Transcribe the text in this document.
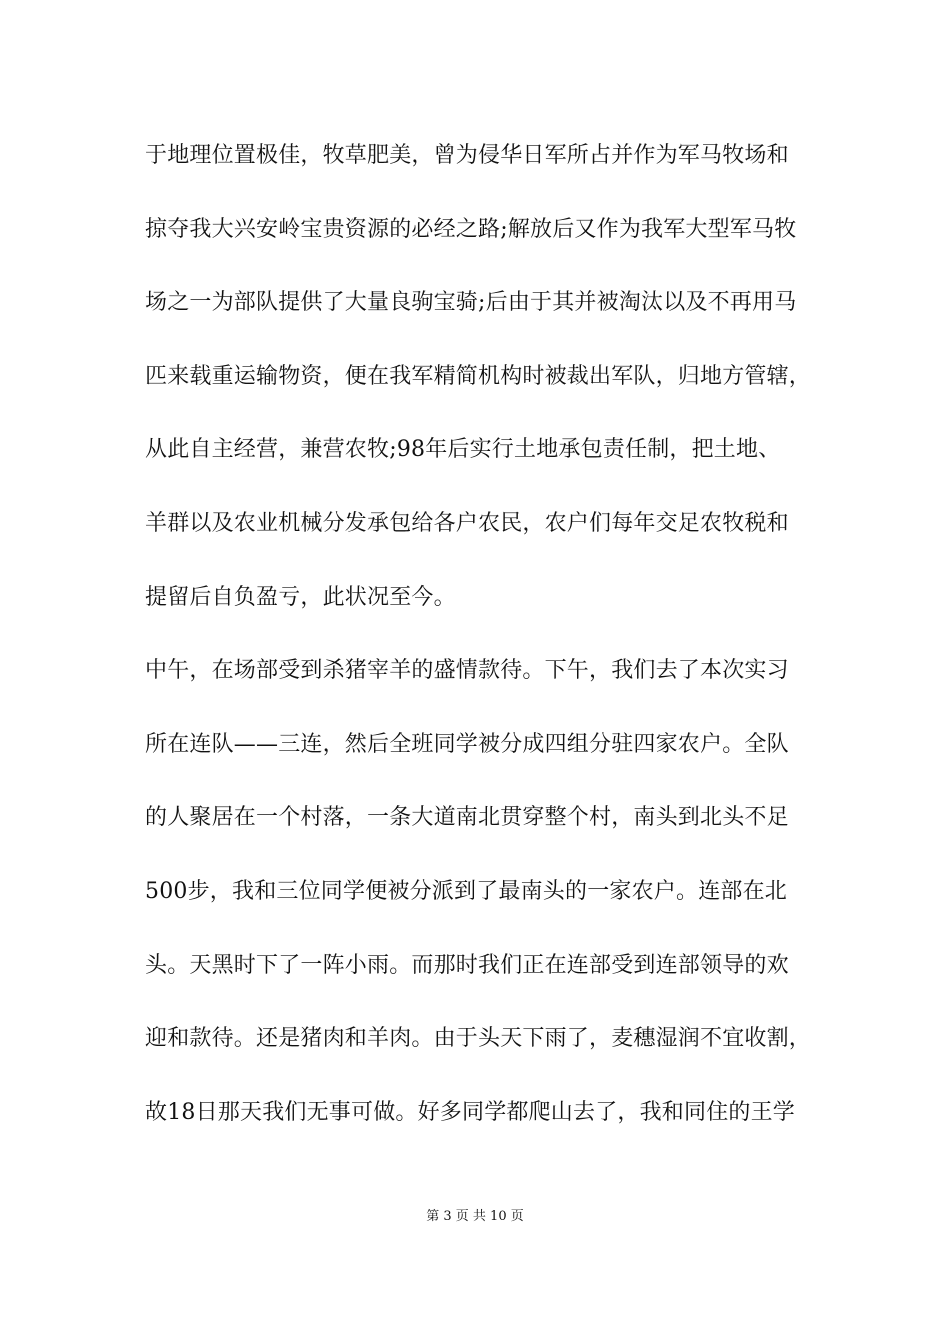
于地理位置极佳，牧草肥美，曾为侵华日军所占并作为军马牧场和
掠夺我大兴安岭宝贵资源的必经之路;解放后又作为我军大型军马牧
场之一为部队提供了大量良驹宝骑;后由于其并被淘汰以及不再用马
匹来载重运输物资，便在我军精简机构时被裁出军队，归地方管辖，
从此自主经营，兼营农牧;98年后实行土地承包责任制，把土地、
羊群以及农业机械分发承包给各户农民，农户们每年交足农牧税和
提留后自负盈亏，此状况至今。
中午，在场部受到杀猪宰羊的盛情款待。下午，我们去了本次实习
所在连队——三连，然后全班同学被分成四组分驻四家农户。全队
的人聚居在一个村落，一条大道南北贯穿整个村，南头到北头不足
500步，我和三位同学便被分派到了最南头的一家农户。连部在北
头。天黑时下了一阵小雨。而那时我们正在连部受到连部领导的欢
迎和款待。还是猪肉和羊肉。由于头天下雨了，麦穗湿润不宜收割，
故18日那天我们无事可做。好多同学都爬山去了，我和同住的王学
第 3 页 共 10 页
